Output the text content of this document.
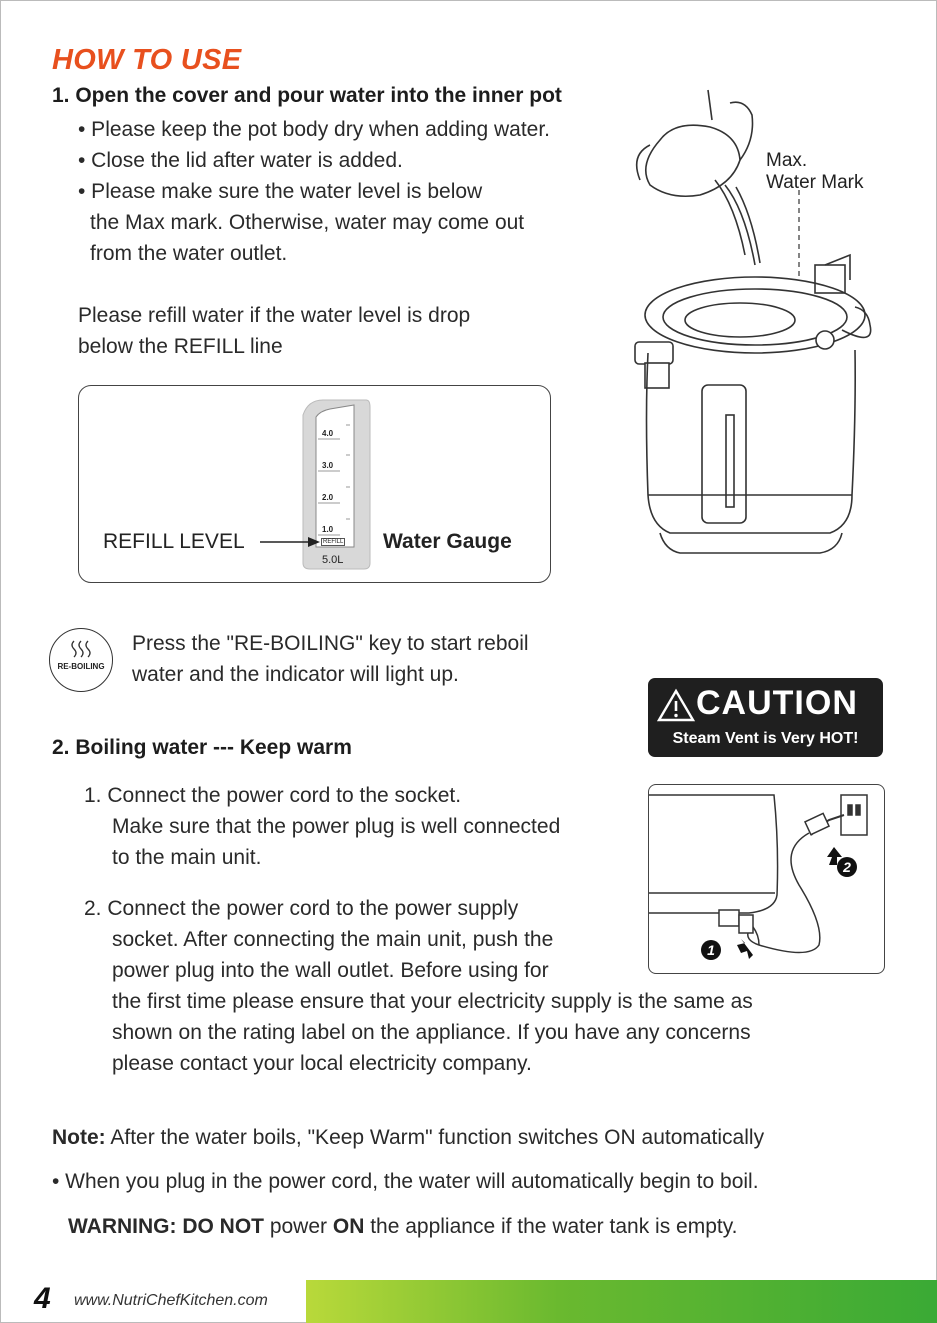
HOW TO USE
1. Open the cover and pour water into the inner pot
• Please keep the pot body dry when adding water.
• Close the lid after water is added.
• Please make sure the water level is below
the Max mark. Otherwise, water may come out
from the water outlet.
Please refill water if the water level is drop
below the REFILL line
4.0
3.0
2.0
1.0
REFILL
5.0L
REFILL LEVEL	Water Gauge
Max.
Water Mark
RE-BOILING
Press the "RE-BOILING" key to start reboil
water and the indicator will light up.
CAUTION
Steam Vent is Very HOT!
2. Boiling water --- Keep warm
1. Connect the power cord to the socket.
Make sure that the power plug is well connected
to the main unit.
2. Connect the power cord to the power supply
socket. After connecting the main unit, push the
power plug into the wall outlet. Before using for
the first time please ensure that your electricity supply is the same as
shown on the rating label on the appliance. If you have any concerns
please contact your local electricity company.
2
1
Note: After the water boils, "Keep Warm" function switches ON automatically
• When you plug in the power cord, the water will automatically begin to boil.
WARNING: DO NOT power ON the appliance if the water tank is empty.
4 www.NutriChefKitchen.com
